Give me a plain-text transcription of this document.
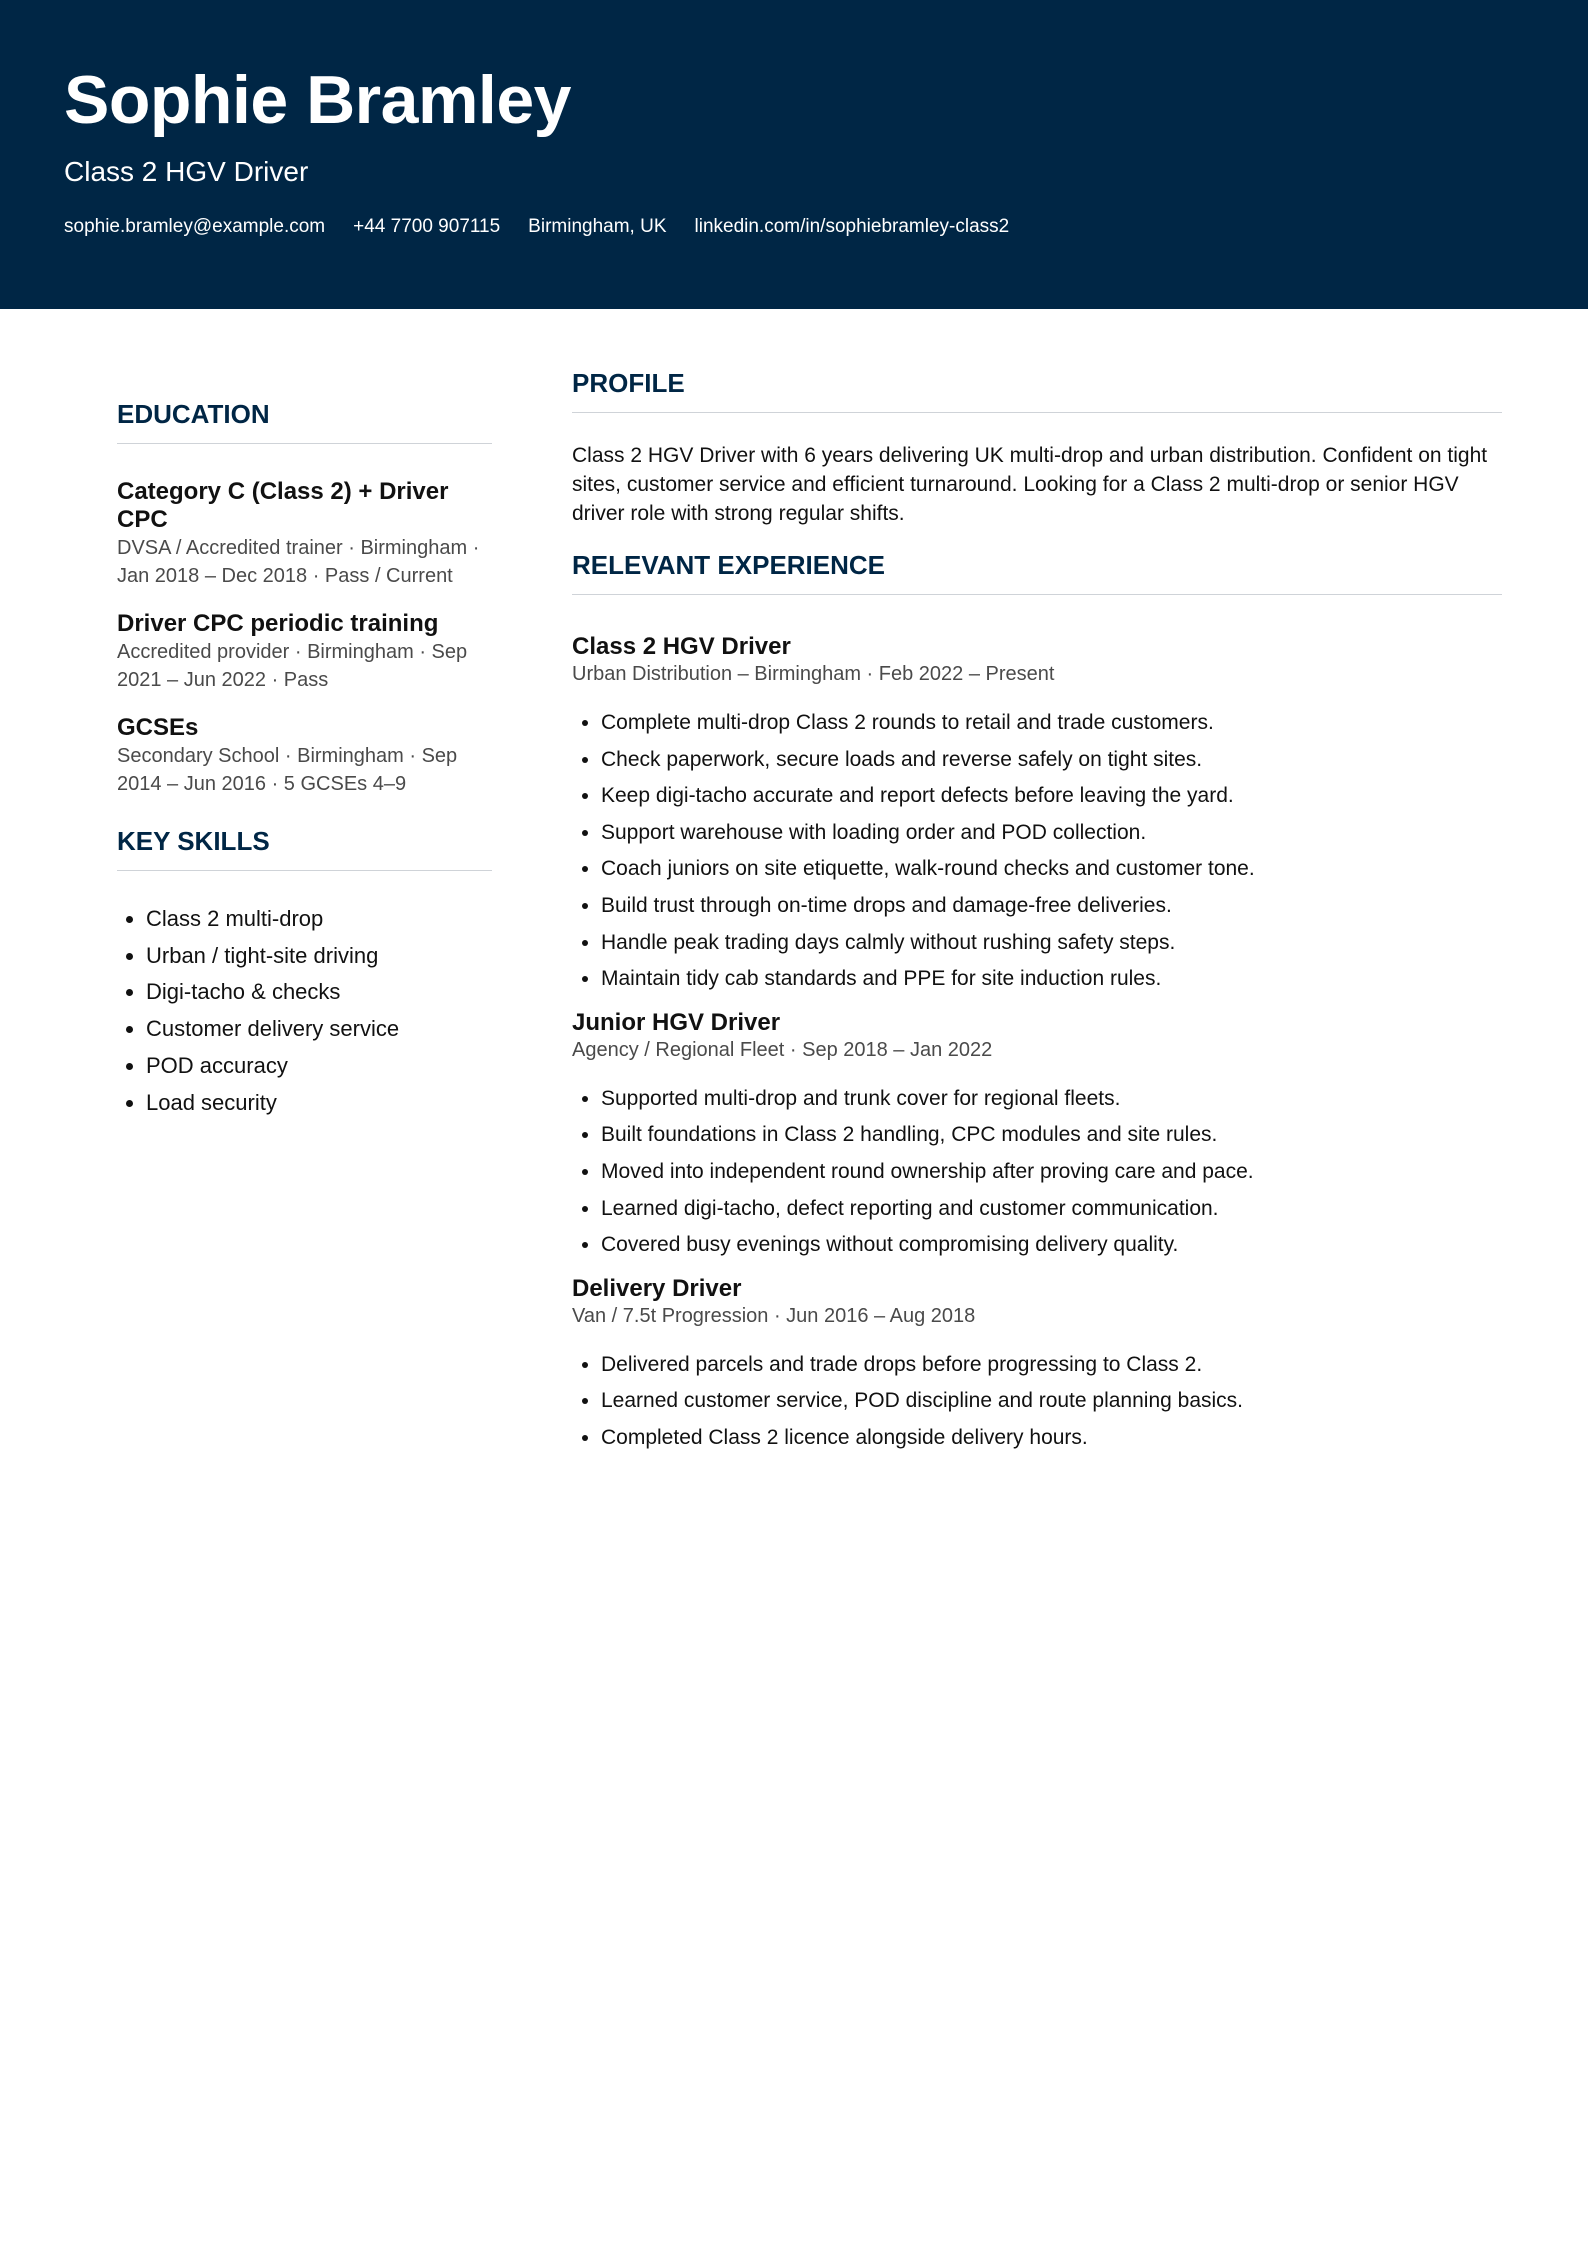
Sophie Bramley
Class 2 HGV Driver
sophie.bramley@example.com +44 7700 907115 Birmingham, UK linkedin.com/in/sophiebramley-class2
EDUCATION
Category C (Class 2) + Driver CPC
DVSA / Accredited trainer · Birmingham · Jan 2018 – Dec 2018 · Pass / Current
Driver CPC periodic training
Accredited provider · Birmingham · Sep 2021 – Jun 2022 · Pass
GCSEs
Secondary School · Birmingham · Sep 2014 – Jun 2016 · 5 GCSEs 4–9
KEY SKILLS
• Class 2 multi-drop
• Urban / tight-site driving
• Digi-tacho & checks
• Customer delivery service
• POD accuracy
• Load security
PROFILE

Class 2 HGV Driver with 6 years delivering UK multi-drop and urban distribution. Confident on tight sites, customer service and efficient turnaround. Looking for a Class 2 multi-drop or senior HGV driver role with strong regular shifts.

RELEVANT EXPERIENCE
Class 2 HGV Driver
Urban Distribution – Birmingham · Feb 2022 – Present
• Complete multi-drop Class 2 rounds to retail and trade customers.
• Check paperwork, secure loads and reverse safely on tight sites.
• Keep digi-tacho accurate and report defects before leaving the yard.
• Support warehouse with loading order and POD collection.
• Coach juniors on site etiquette, walk-round checks and customer tone.
• Build trust through on-time drops and damage-free deliveries.
• Handle peak trading days calmly without rushing safety steps.
• Maintain tidy cab standards and PPE for site induction rules.
Junior HGV Driver
Agency / Regional Fleet · Sep 2018 – Jan 2022
• Supported multi-drop and trunk cover for regional fleets.
• Built foundations in Class 2 handling, CPC modules and site rules.
• Moved into independent round ownership after proving care and pace.
• Learned digi-tacho, defect reporting and customer communication.
• Covered busy evenings without compromising delivery quality.
Delivery Driver
Van / 7.5t Progression · Jun 2016 – Aug 2018
• Delivered parcels and trade drops before progressing to Class 2.
• Learned customer service, POD discipline and route planning basics.
• Completed Class 2 licence alongside delivery hours.
